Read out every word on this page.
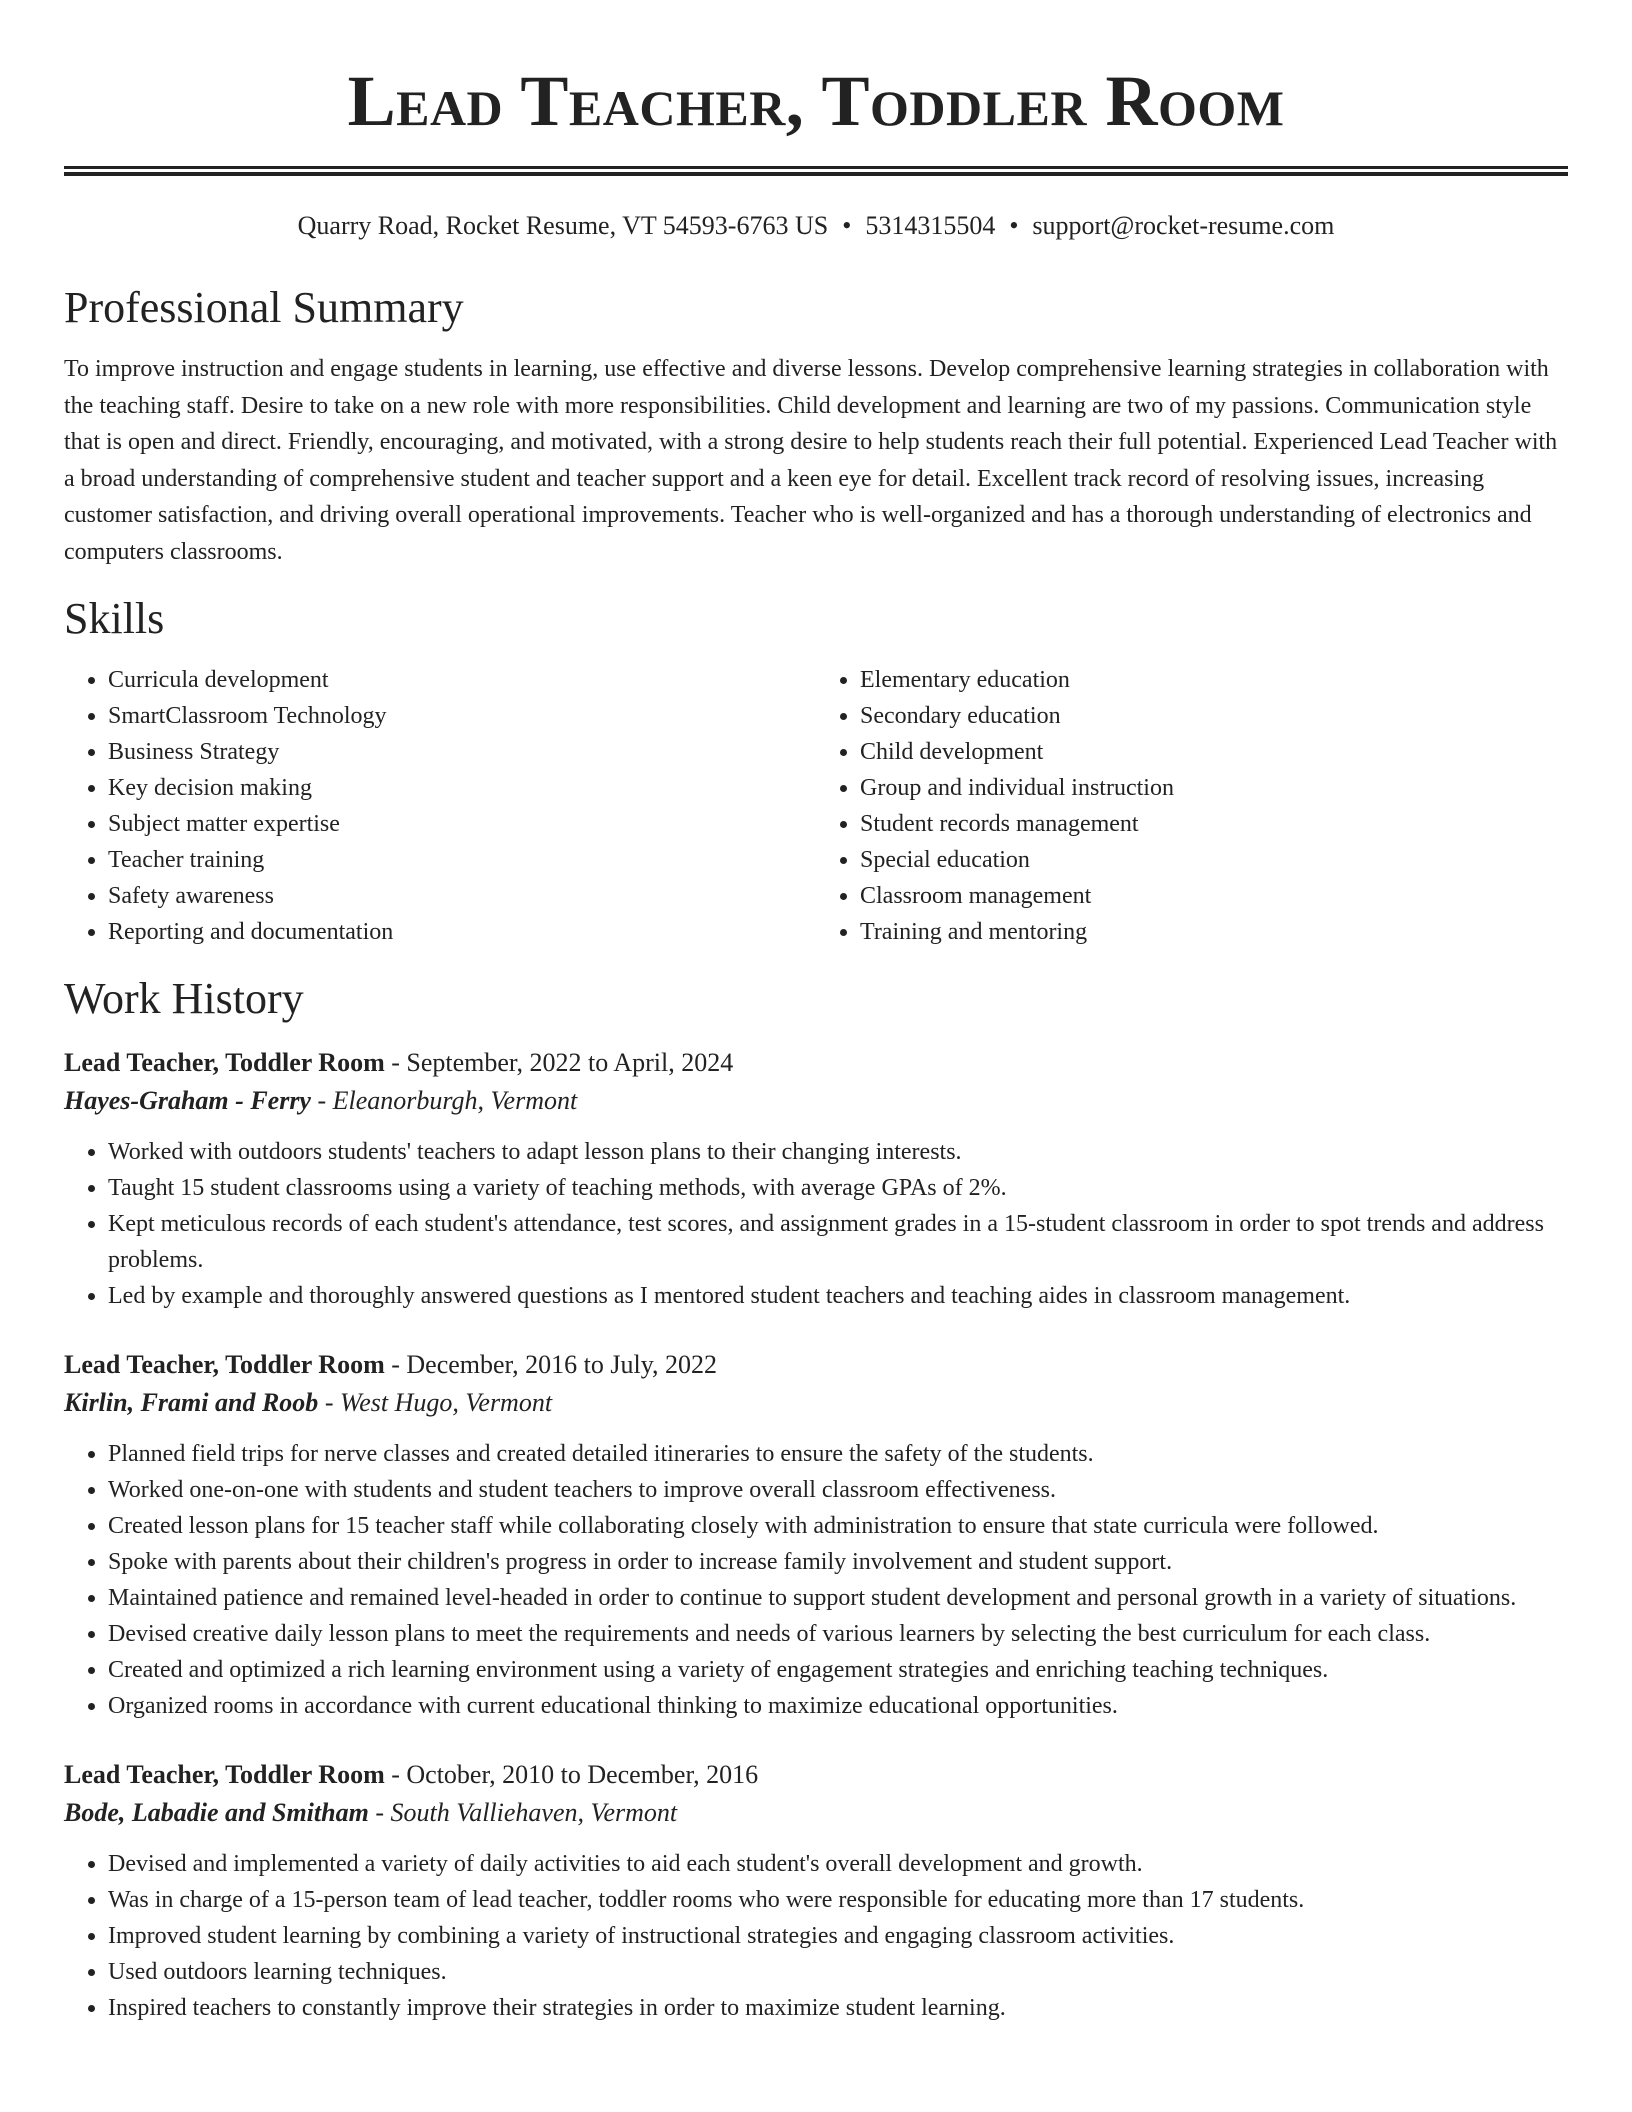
Lead Teacher, Toddler Room
Quarry Road, Rocket Resume, VT 54593-6763 US • 5314315504 • support@rocket-resume.com
Professional Summary

To improve instruction and engage students in learning, use effective and diverse lessons. Develop comprehensive learning strategies in collaboration with the teaching staff. Desire to take on a new role with more responsibilities. Child development and learning are two of my passions. Communication style that is open and direct. Friendly, encouraging, and motivated, with a strong desire to help students reach their full potential. Experienced Lead Teacher with a broad understanding of comprehensive student and teacher support and a keen eye for detail. Excellent track record of resolving issues, increasing customer satisfaction, and driving overall operational improvements. Teacher who is well-organized and has a thorough understanding of electronics and computers classrooms.

Skills
• Curricula development
• SmartClassroom Technology
• Business Strategy
• Key decision making
• Subject matter expertise
• Teacher training
• Safety awareness
• Reporting and documentation
• Elementary education
• Secondary education
• Child development
• Group and individual instruction
• Student records management
• Special education
• Classroom management
• Training and mentoring
Work History
Lead Teacher, Toddler Room - September, 2022 to April, 2024
Hayes-Graham - Ferry - Eleanorburgh, Vermont
• Worked with outdoors students' teachers to adapt lesson plans to their changing interests.
• Taught 15 student classrooms using a variety of teaching methods, with average GPAs of 2%.
• Kept meticulous records of each student's attendance, test scores, and assignment grades in a 15-student classroom in order to spot trends and address problems.
• Led by example and thoroughly answered questions as I mentored student teachers and teaching aides in classroom management.
Lead Teacher, Toddler Room - December, 2016 to July, 2022
Kirlin, Frami and Roob - West Hugo, Vermont
• Planned field trips for nerve classes and created detailed itineraries to ensure the safety of the students.
• Worked one-on-one with students and student teachers to improve overall classroom effectiveness.
• Created lesson plans for 15 teacher staff while collaborating closely with administration to ensure that state curricula were followed.
• Spoke with parents about their children's progress in order to increase family involvement and student support.
• Maintained patience and remained level-headed in order to continue to support student development and personal growth in a variety of situations.
• Devised creative daily lesson plans to meet the requirements and needs of various learners by selecting the best curriculum for each class.
• Created and optimized a rich learning environment using a variety of engagement strategies and enriching teaching techniques.
• Organized rooms in accordance with current educational thinking to maximize educational opportunities.
Lead Teacher, Toddler Room - October, 2010 to December, 2016
Bode, Labadie and Smitham - South Valliehaven, Vermont
• Devised and implemented a variety of daily activities to aid each student's overall development and growth.
• Was in charge of a 15-person team of lead teacher, toddler rooms who were responsible for educating more than 17 students.
• Improved student learning by combining a variety of instructional strategies and engaging classroom activities.
• Used outdoors learning techniques.
• Inspired teachers to constantly improve their strategies in order to maximize student learning.
